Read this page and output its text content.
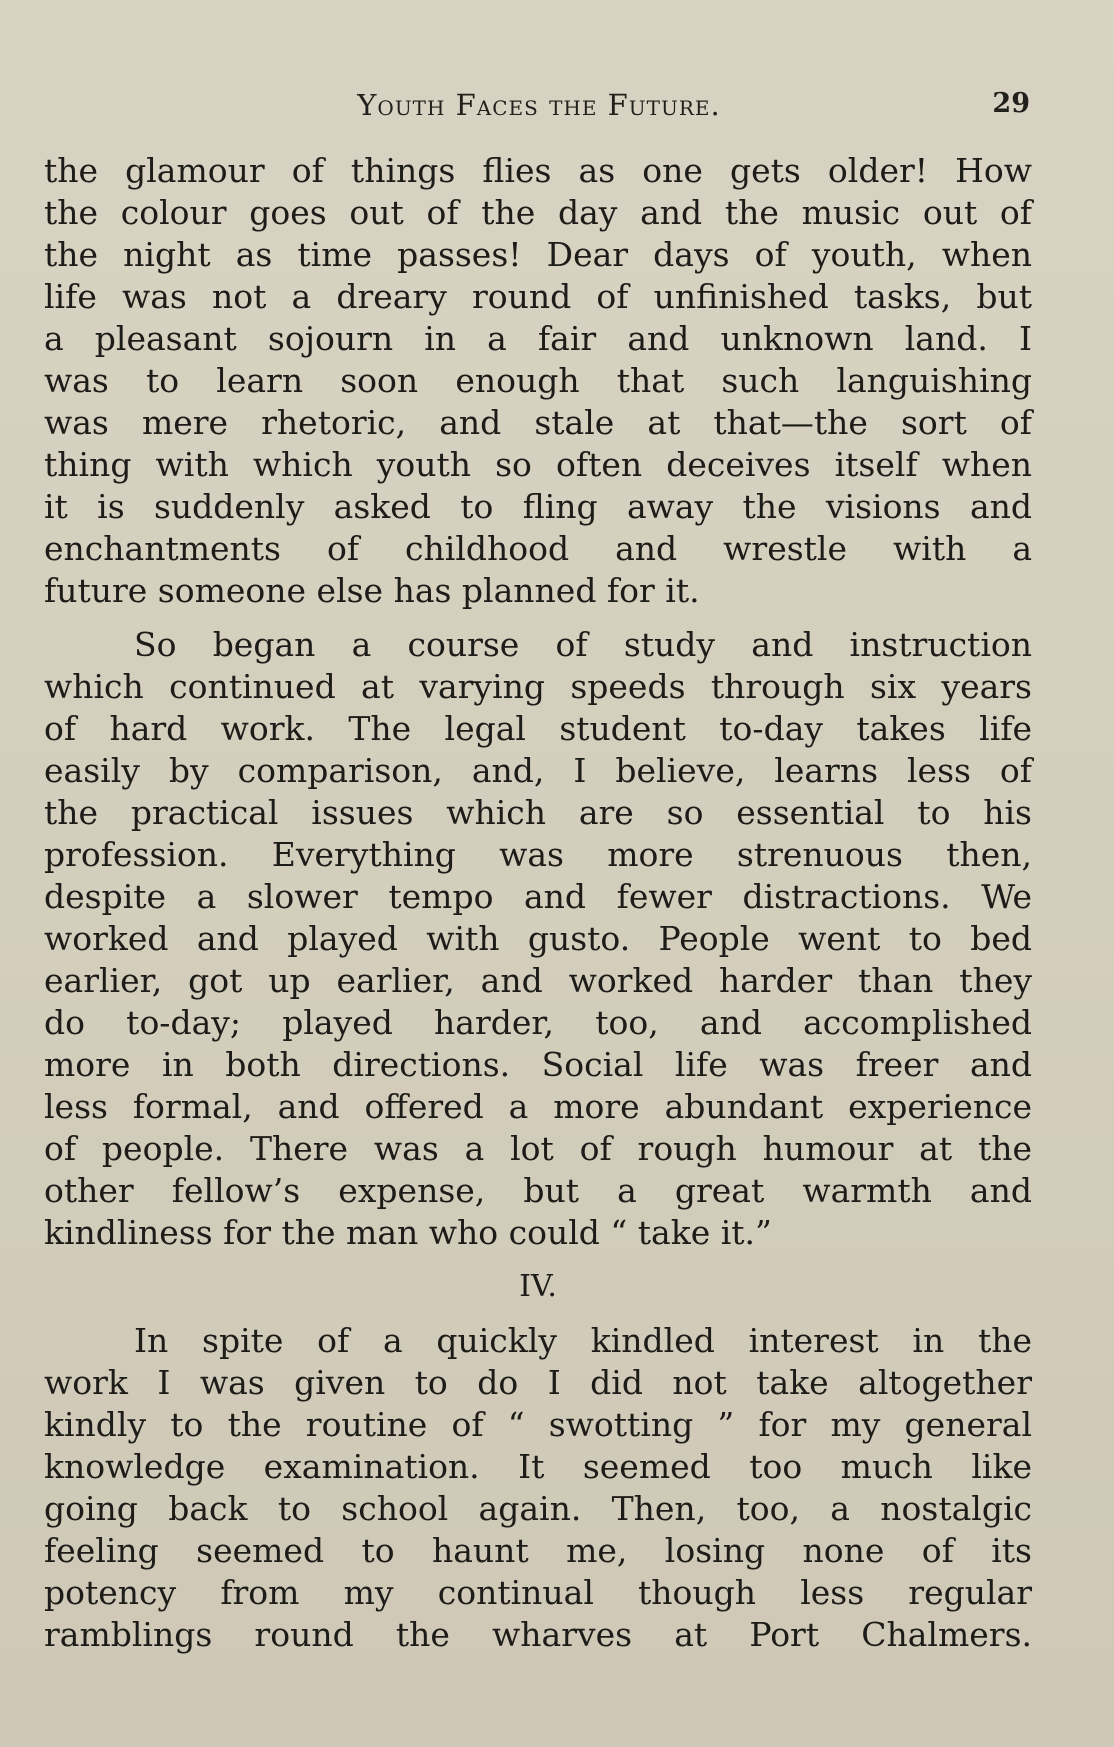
Youth Faces the Future.	29
the glamour of things flies as one gets older! How
the colour goes out of the day and the music out of
the night as time passes! Dear days of youth, when
life was not a dreary round of unfinished tasks, but
a pleasant sojourn in a fair and unknown land. I
was to learn soon enough that such languishing
was mere rhetoric, and stale at that—the sort of
thing with which youth so often deceives itself when
it is suddenly asked to fling away the visions and
enchantments of childhood and wrestle with a
future someone else has planned for it.
So began a course of study and instruction
which continued at varying speeds through six years
of hard work. The legal student to-day takes life
easily by comparison, and, I believe, learns less of
the practical issues which are so essential to his
profession. Everything was more strenuous then,
despite a slower tempo and fewer distractions. We
worked and played with gusto. People went to bed
earlier, got up earlier, and worked harder than they
do to-day; played harder, too, and accomplished
more in both directions. Social life was freer and
less formal, and offered a more abundant experience
of people. There was a lot of rough humour at the
other fellow’s expense, but a great warmth and
kindliness for the man who could “ take it.”
IV.
In spite of a quickly kindled interest in the
work I was given to do I did not take altogether
kindly to the routine of “ swotting ” for my general
knowledge examination. It seemed too much like
going back to school again. Then, too, a nostalgic
feeling seemed to haunt me, losing none of its
potency from my continual though less regular
ramblings round the wharves at Port Chalmers.
